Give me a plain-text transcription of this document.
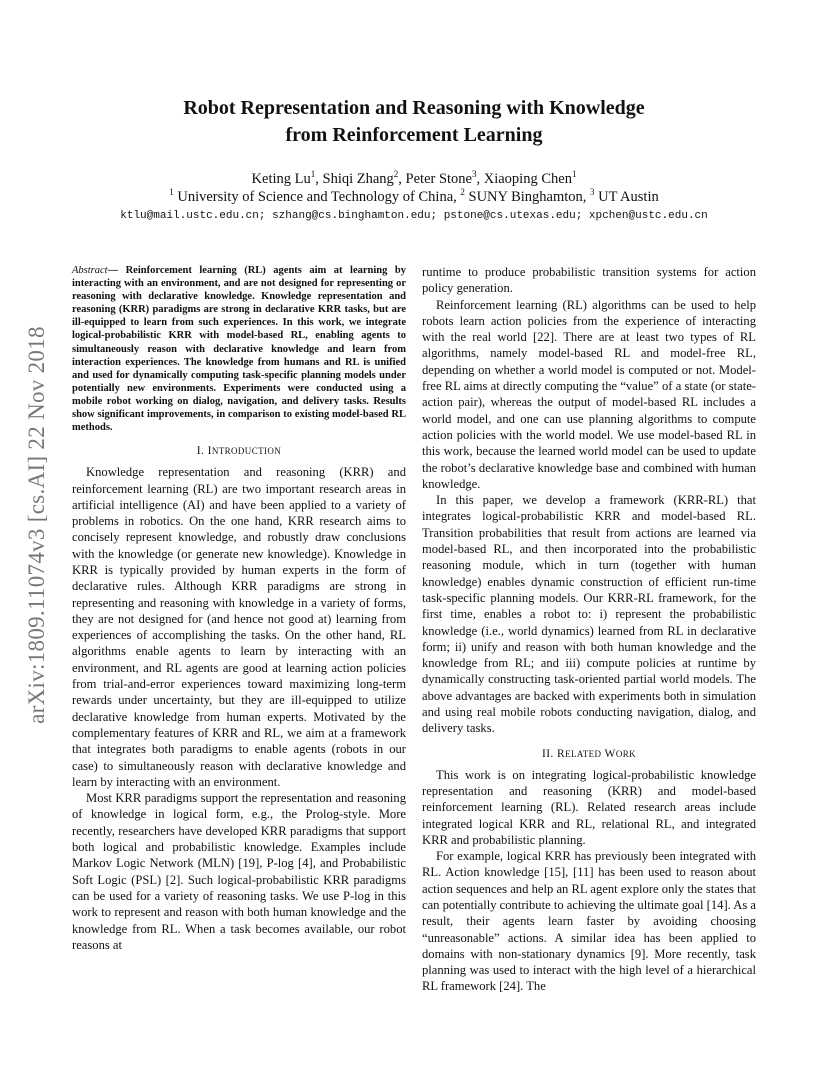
Robot Representation and Reasoning with Knowledge
from Reinforcement Learning
Keting Lu$^1$, Shiqi Zhang$^2$, Peter Stone$^3$, Xiaoping Chen$^1$
$^1$ University of Science and Technology of China, $^2$ SUNY Binghamton, $^3$ UT Austin
ktlu@mail.ustc.edu.cn; szhang@cs.binghamton.edu; pstone@cs.utexas.edu; xpchen@ustc.edu.cn
arXiv:1809.11074v3 [cs.AI] 22 Nov 2018

Abstract— Reinforcement learning (RL) agents aim at learning by interacting with an environment, and are not designed for representing or reasoning with declarative knowledge. Knowledge representation and reasoning (KRR) paradigms are strong in declarative KRR tasks, but are ill-equipped to learn from such experiences. In this work, we integrate logical-probabilistic KRR with model-based RL, enabling agents to simultaneously reason with declarative knowledge and learn from interaction experiences. The knowledge from humans and RL is unified and used for dynamically computing task-specific planning models under potentially new environments. Experiments were conducted using a mobile robot working on dialog, navigation, and delivery tasks. Results show significant improvements, in comparison to existing model-based RL methods.

I. INTRODUCTION

Knowledge representation and reasoning (KRR) and reinforcement learning (RL) are two important research areas in artificial intelligence (AI) and have been applied to a variety of problems in robotics. On the one hand, KRR research aims to concisely represent knowledge, and robustly draw conclusions with the knowledge (or generate new knowledge). Knowledge in KRR is typically provided by human experts in the form of declarative rules. Although KRR paradigms are strong in representing and reasoning with knowledge in a variety of forms, they are not designed for (and hence not good at) learning from experiences of accomplishing the tasks. On the other hand, RL algorithms enable agents to learn by interacting with an environment, and RL agents are good at learning action policies from trial-and-error experiences toward maximizing long-term rewards under uncertainty, but they are ill-equipped to utilize declarative knowledge from human experts. Motivated by the complementary features of KRR and RL, we aim at a framework that integrates both paradigms to enable agents (robots in our case) to simultaneously reason with declarative knowledge and learn by interacting with an environment.

Most KRR paradigms support the representation and reasoning of knowledge in logical form, e.g., the Prolog-style. More recently, researchers have developed KRR paradigms that support both logical and probabilistic knowledge. Examples include Markov Logic Network (MLN) [19], P-log [4], and Probabilistic Soft Logic (PSL) [2]. Such logical-probabilistic KRR paradigms can be used for a variety of reasoning tasks. We use P-log in this work to represent and reason with both human knowledge and the knowledge from RL. When a task becomes available, our robot reasons at

runtime to produce probabilistic transition systems for action policy generation.

Reinforcement learning (RL) algorithms can be used to help robots learn action policies from the experience of interacting with the real world [22]. There are at least two types of RL algorithms, namely model-based RL and model-free RL, depending on whether a world model is computed or not. Model-free RL aims at directly computing the “value” of a state (or state-action pair), whereas the output of model-based RL includes a world model, and one can use planning algorithms to compute action policies with the world model. We use model-based RL in this work, because the learned world model can be used to update the robot’s declarative knowledge base and combined with human knowledge.

In this paper, we develop a framework (KRR-RL) that integrates logical-probabilistic KRR and model-based RL. Transition probabilities that result from actions are learned via model-based RL, and then incorporated into the probabilistic reasoning module, which in turn (together with human knowledge) enables dynamic construction of efficient run-time task-specific planning models. Our KRR-RL framework, for the first time, enables a robot to: i) represent the probabilistic knowledge (i.e., world dynamics) learned from RL in declarative form; ii) unify and reason with both human knowledge and the knowledge from RL; and iii) compute policies at runtime by dynamically constructing task-oriented partial world models. The above advantages are backed with experiments both in simulation and using real mobile robots conducting navigation, dialog, and delivery tasks.

II. RELATED WORK

This work is on integrating logical-probabilistic knowledge representation and reasoning (KRR) and model-based reinforcement learning (RL). Related research areas include integrated logical KRR and RL, relational RL, and integrated KRR and probabilistic planning.

For example, logical KRR has previously been integrated with RL. Action knowledge [15], [11] has been used to reason about action sequences and help an RL agent explore only the states that can potentially contribute to achieving the ultimate goal [14]. As a result, their agents learn faster by avoiding choosing “unreasonable” actions. A similar idea has been applied to domains with non-stationary dynamics [9]. More recently, task planning was used to interact with the high level of a hierarchical RL framework [24]. The
